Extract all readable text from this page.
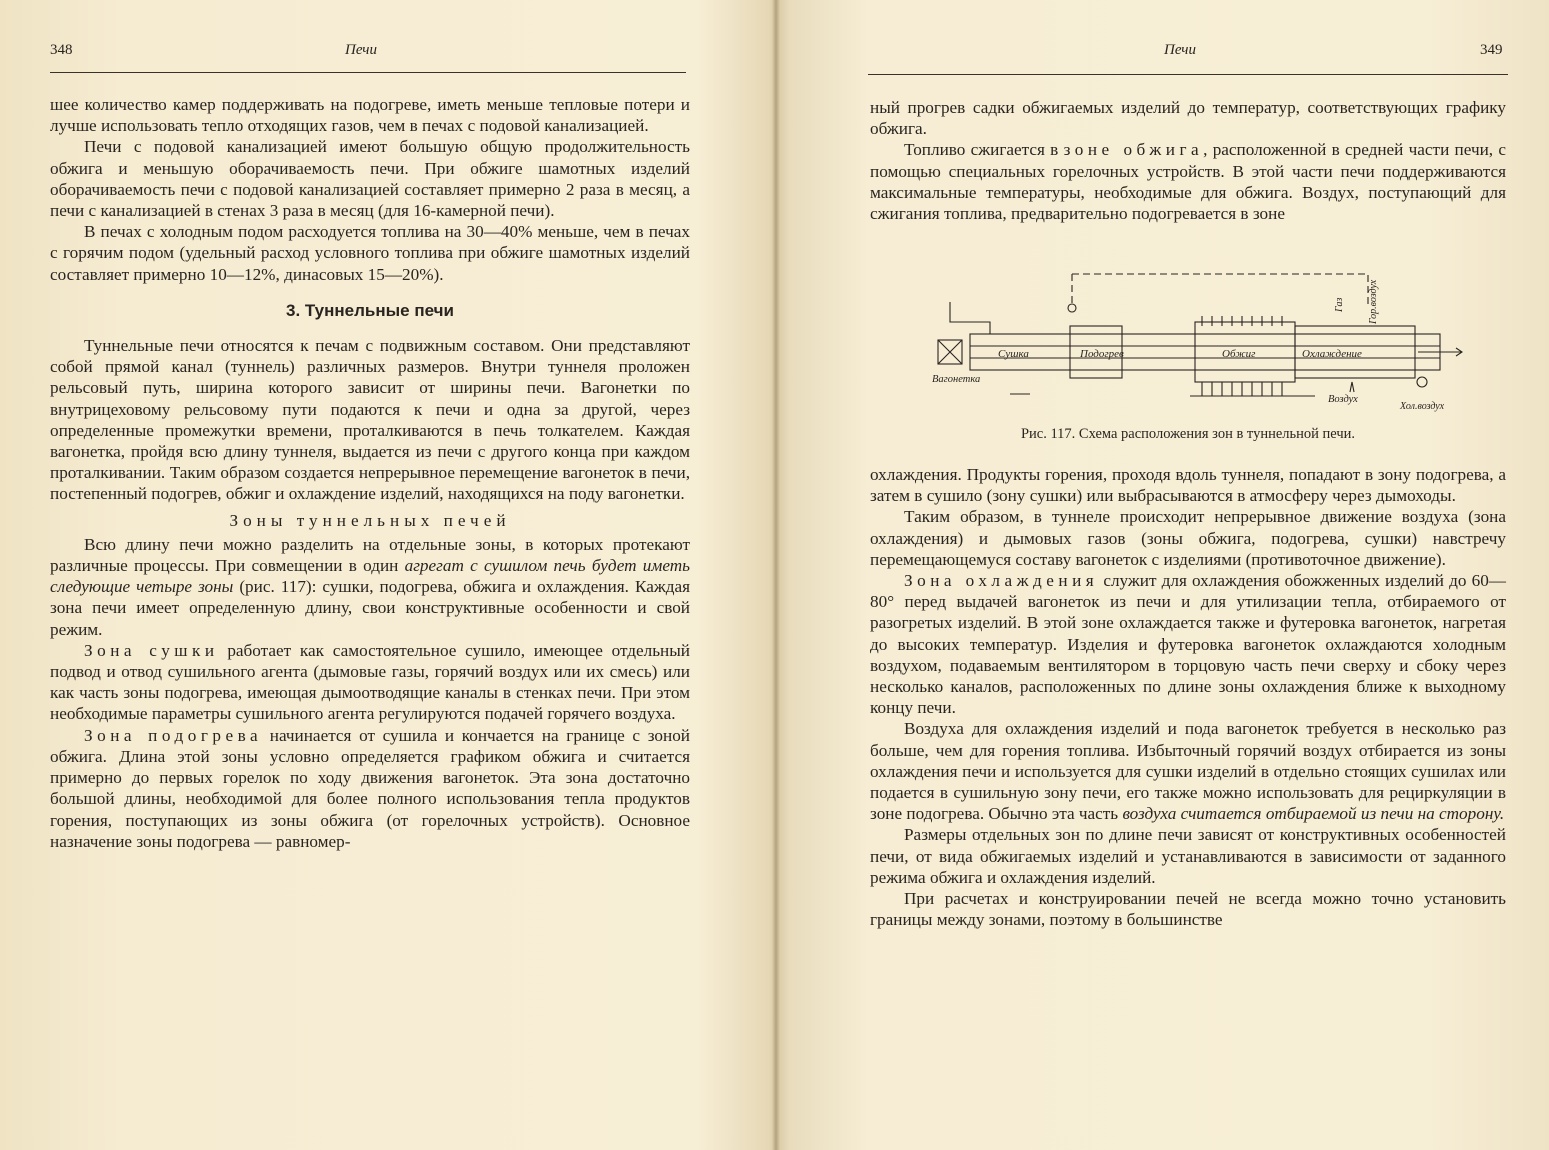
348	Печи

шее количество камер поддерживать на подогреве, иметь меньше тепловые потери и лучше использовать тепло отходящих газов, чем в печах с подовой канализацией.

Печи с подовой канализацией имеют большую общую продолжительность обжига и меньшую оборачиваемость печи. При обжиге шамотных изделий оборачиваемость печи с подовой канализацией составляет примерно 2 раза в месяц, а печи с канализацией в стенах 3 раза в месяц (для 16-камерной печи).

В печах с холодным подом расходуется топлива на 30—40% меньше, чем в печах с горячим подом (удельный расход условного топлива при обжиге шамотных изделий составляет примерно 10—12%, динасовых 15—20%).

3. Туннельные печи

Туннельные печи относятся к печам с подвижным составом. Они представляют собой прямой канал (туннель) различных размеров. Внутри туннеля проложен рельсовый путь, ширина которого зависит от ширины печи. Вагонетки по внутрицеховому рельсовому пути подаются к печи и одна за другой, через определенные промежутки времени, проталкиваются в печь толкателем. Каждая вагонетка, пройдя всю длину туннеля, выдается из печи с другого конца при каждом проталкивании. Таким образом создается непрерывное перемещение вагонеток в печи, постепенный подогрев, обжиг и охлаждение изделий, находящихся на поду вагонетки.

Зоны туннельных печей

Всю длину печи можно разделить на отдельные зоны, в которых протекают различные процессы. При совмещении в один агрегат с сушилом печь будет иметь следующие четыре зоны (рис. 117): сушки, подогрева, обжига и охлаждения. Каждая зона печи имеет определенную длину, свои конструктивные особенности и свой режим.

Зона сушки работает как самостоятельное сушило, имеющее отдельный подвод и отвод сушильного агента (дымовые газы, горячий воздух или их смесь) или как часть зоны подогрева, имеющая дымоотводящие каналы в стенках печи. При этом необходимые параметры сушильного агента регулируются подачей горячего воздуха.

Зона подогрева начинается от сушила и кончается на границе с зоной обжига. Длина этой зоны условно определяется графиком обжига и считается примерно до первых горелок по ходу движения вагонеток. Эта зона достаточно большой длины, необходимой для более полного использования тепла продуктов горения, поступающих из зоны обжига (от горелочных устройств). Основное назначение зоны подогрева — равномер-

Печи	349

ный прогрев садки обжигаемых изделий до температур, соответствующих графику обжига.

Топливо сжигается в зоне обжига, расположенной в средней части печи, с помощью специальных горелочных устройств. В этой части печи поддерживаются максимальные температуры, необходимые для обжига. Воздух, поступающий для сжигания топлива, предварительно подогревается в зоне

Сушка	Подогрев	Обжиг	Охлаждение
Вагонетка
Воздух
Хол.воздух
Газ Гор.воздух
Рис. 117. Схема расположения зон в туннельной печи.

охлаждения. Продукты горения, проходя вдоль туннеля, попадают в зону подогрева, а затем в сушило (зону сушки) или выбрасываются в атмосферу через дымоходы.

Таким образом, в туннеле происходит непрерывное движение воздуха (зона охлаждения) и дымовых газов (зоны обжига, подогрева, сушки) навстречу перемещающемуся составу вагонеток с изделиями (противоточное движение).

Зона охлаждения служит для охлаждения обожженных изделий до 60—80° перед выдачей вагонеток из печи и для утилизации тепла, отбираемого от разогретых изделий. В этой зоне охлаждается также и футеровка вагонеток, нагретая до высоких температур. Изделия и футеровка вагонеток охлаждаются холодным воздухом, подаваемым вентилятором в торцовую часть печи сверху и сбоку через несколько каналов, расположенных по длине зоны охлаждения ближе к выходному концу печи.

Воздуха для охлаждения изделий и пода вагонеток требуется в несколько раз больше, чем для горения топлива. Избыточный горячий воздух отбирается из зоны охлаждения печи и используется для сушки изделий в отдельно стоящих сушилах или подается в сушильную зону печи, его также можно использовать для рециркуляции в зоне подогрева. Обычно эта часть воздуха считается отбираемой из печи на сторону.

Размеры отдельных зон по длине печи зависят от конструктивных особенностей печи, от вида обжигаемых изделий и устанавливаются в зависимости от заданного режима обжига и охлаждения изделий.

При расчетах и конструировании печей не всегда можно точно установить границы между зонами, поэтому в большинстве
